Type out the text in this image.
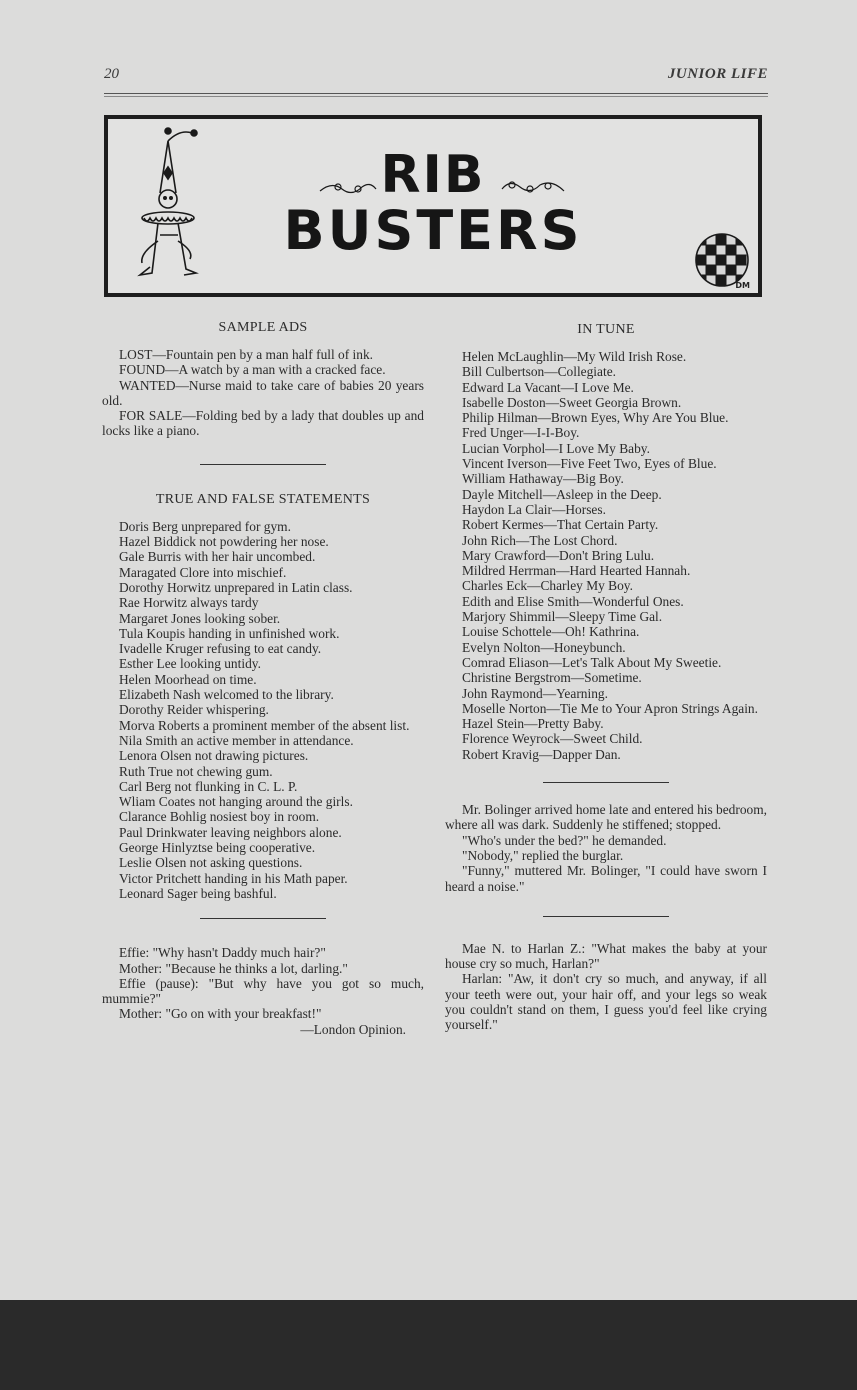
20	JUNIOR LIFE
RIB
BUSTERS
DM
SAMPLE ADS

LOST—Fountain pen by a man half full of ink.

FOUND—A watch by a man with a cracked face.

WANTED—Nurse maid to take care of babies 20 years old.

FOR SALE—Folding bed by a lady that doubles up and locks like a piano.

TRUE AND FALSE STATEMENTS

Doris Berg unprepared for gym.

Hazel Biddick not powdering her nose.

Gale Burris with her hair uncombed.

Maragated Clore into mischief.

Dorothy Horwitz unprepared in Latin class.

Rae Horwitz always tardy

Margaret Jones looking sober.

Tula Koupis handing in unfinished work.

Ivadelle Kruger refusing to eat candy.

Esther Lee looking untidy.

Helen Moorhead on time.

Elizabeth Nash welcomed to the library.

Dorothy Reider whispering.

Morva Roberts a prominent member of the absent list.

Nila Smith an active member in attendance.

Lenora Olsen not drawing pictures.

Ruth True not chewing gum.

Carl Berg not flunking in C. L. P.

Wliam Coates not hanging around the girls.

Clarance Bohlig nosiest boy in room.

Paul Drinkwater leaving neighbors alone.

George Hinlyztse being cooperative.

Leslie Olsen not asking questions.

Victor Pritchett handing in his Math paper.

Leonard Sager being bashful.

Effie: "Why hasn't Daddy much hair?"

Mother: "Because he thinks a lot, darling."

Effie (pause): "But why have you got so much, mummie?"

Mother: "Go on with your breakfast!"

—London Opinion.

IN TUNE

Helen McLaughlin—My Wild Irish Rose.

Bill Culbertson—Collegiate.

Edward La Vacant—I Love Me.

Isabelle Doston—Sweet Georgia Brown.

Philip Hilman—Brown Eyes, Why Are You Blue.

Fred Unger—I-I-Boy.

Lucian Vorphol—I Love My Baby.

Vincent Iverson—Five Feet Two, Eyes of Blue.

William Hathaway—Big Boy.

Dayle Mitchell—Asleep in the Deep.

Haydon La Clair—Horses.

Robert Kermes—That Certain Party.

John Rich—The Lost Chord.

Mary Crawford—Don't Bring Lulu.

Mildred Herrman—Hard Hearted Hannah.

Charles Eck—Charley My Boy.

Edith and Elise Smith—Wonderful Ones.

Marjory Shimmil—Sleepy Time Gal.

Louise Schottele—Oh! Kathrina.

Evelyn Nolton—Honeybunch.

Comrad Eliason—Let's Talk About My Sweetie.

Christine Bergstrom—Sometime.

John Raymond—Yearning.

Moselle Norton—Tie Me to Your Apron Strings Again.

Hazel Stein—Pretty Baby.

Florence Weyrock—Sweet Child.

Robert Kravig—Dapper Dan.

Mr. Bolinger arrived home late and entered his bedroom, where all was dark. Suddenly he stiffened; stopped.

"Who's under the bed?" he demanded.

"Nobody," replied the burglar.

"Funny," muttered Mr. Bolinger, "I could have sworn I heard a noise."

Mae N. to Harlan Z.: "What makes the baby at your house cry so much, Harlan?"

Harlan: "Aw, it don't cry so much, and anyway, if all your teeth were out, your hair off, and your legs so weak you couldn't stand on them, I guess you'd feel like crying yourself."
